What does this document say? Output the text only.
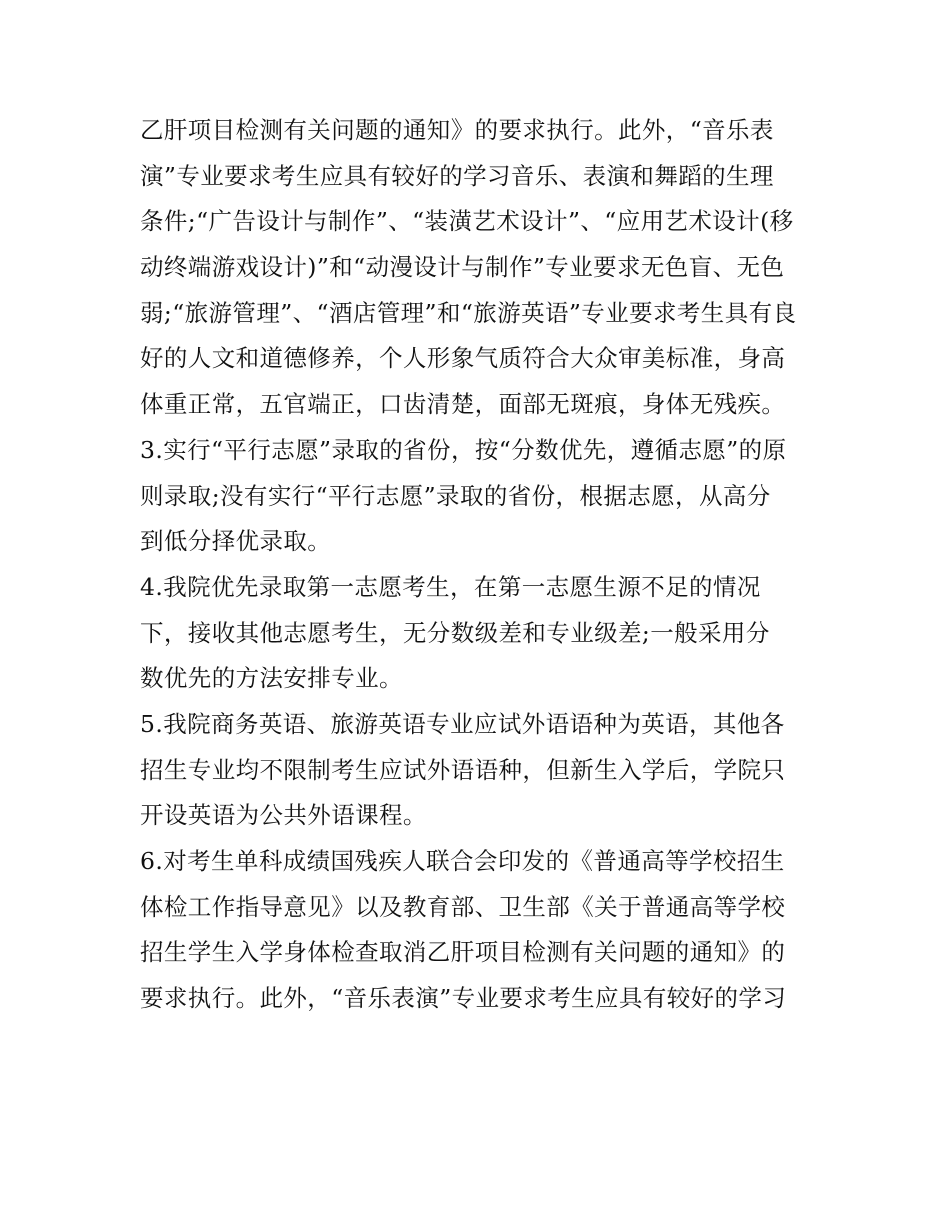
乙肝项目检测有关问题的通知》的要求执行。此外，“音乐表
演”专业要求考生应具有较好的学习音乐、表演和舞蹈的生理
条件;“广告设计与制作”、“装潢艺术设计”、“应用艺术设计(移
动终端游戏设计)”和“动漫设计与制作”专业要求无色盲、无色
弱;“旅游管理”、“酒店管理”和“旅游英语”专业要求考生具有良
好的人文和道德修养，个人形象气质符合大众审美标准，身高
体重正常，五官端正，口齿清楚，面部无斑痕，身体无残疾。
3.实行“平行志愿”录取的省份，按“分数优先，遵循志愿”的原
则录取;没有实行“平行志愿”录取的省份，根据志愿，从高分
到低分择优录取。
4.我院优先录取第一志愿考生，在第一志愿生源不足的情况
下，接收其他志愿考生，无分数级差和专业级差;一般采用分
数优先的方法安排专业。
5.我院商务英语、旅游英语专业应试外语语种为英语，其他各
招生专业均不限制考生应试外语语种，但新生入学后，学院只
开设英语为公共外语课程。
6.对考生单科成绩国残疾人联合会印发的《普通高等学校招生
体检工作指导意见》以及教育部、卫生部《关于普通高等学校
招生学生入学身体检查取消乙肝项目检测有关问题的通知》的
要求执行。此外，“音乐表演”专业要求考生应具有较好的学习
